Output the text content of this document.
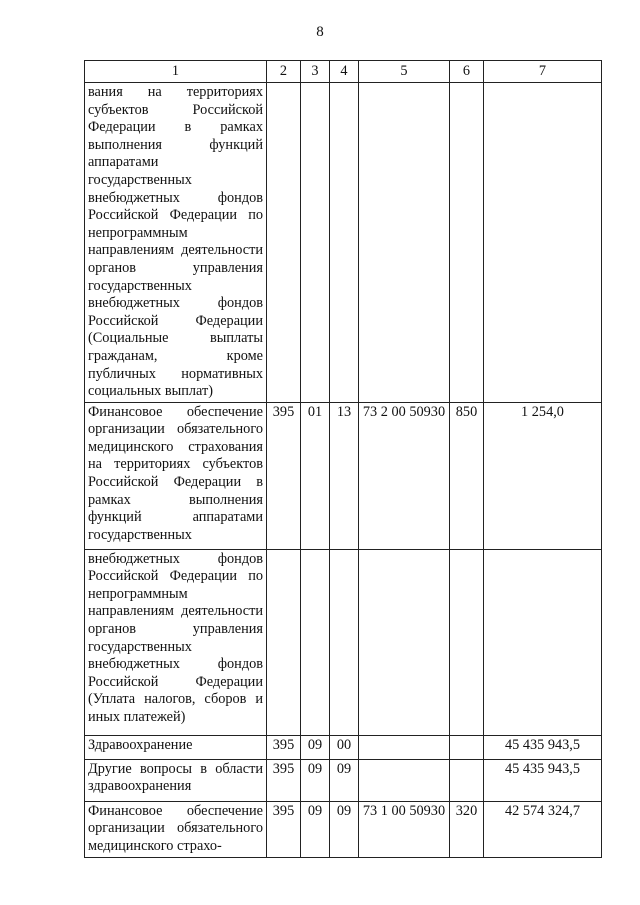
8
1	2	3	4	5	6	7
вания на территориях субъектов Российской Федерации в рамках выполнения функций аппаратами государственных внебюджетных фондов Российской Федерации по непрограммным направлениям деятельности органов управления государственных внебюджетных фондов Российской Федерации (Социальные выплаты гражданам, кроме публичных нормативных социальных выплат)						
Финансовое обеспечение организации обязательного медицинского страхования на территориях субъектов Российской Федерации в рамках выполнения функций аппаратами государственных	395	01	13	73 2 00 50930	850	1 254,0
внебюджетных фондов Российской Федерации по непрограммным направлениям деятельности органов управления государственных внебюджетных фондов Российской Федерации (Уплата налогов, сборов и иных платежей)						
Здравоохранение	395	09	00			45 435 943,5
Другие вопросы в области здравоохранения	395	09	09			45 435 943,5
Финансовое обеспечение организации обязательного медицинского страхо-	395	09	09	73 1 00 50930	320	42 574 324,7
